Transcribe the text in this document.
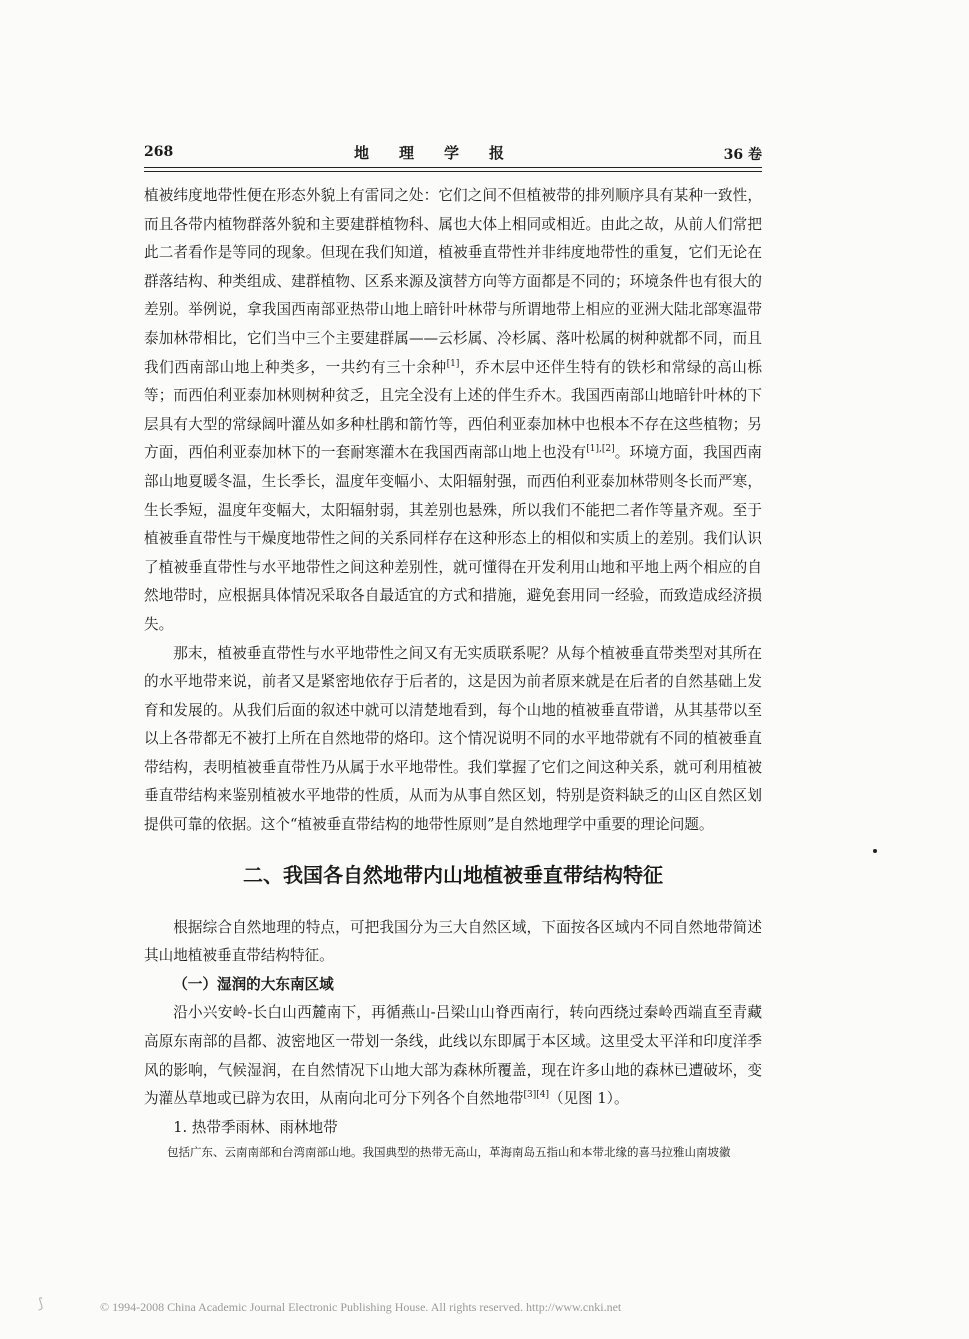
268	地理学报	36 卷

植被纬度地带性便在形态外貌上有雷同之处：它们之间不但植被带的排列顺序具有某种一致性，而且各带内植物群落外貌和主要建群植物科、属也大体上相同或相近。由此之故，从前人们常把此二者看作是等同的现象。但现在我们知道，植被垂直带性并非纬度地带性的重复，它们无论在群落结构、种类组成、建群植物、区系来源及演替方向等方面都是不同的；环境条件也有很大的差别。举例说，拿我国西南部亚热带山地上暗针叶林带与所谓地带上相应的亚洲大陆北部寒温带泰加林带相比，它们当中三个主要建群属——云杉属、冷杉属、落叶松属的树种就都不同，而且我们西南部山地上种类多，一共约有三十余种[1]，乔木层中还伴生特有的铁杉和常绿的高山栎等；而西伯利亚泰加林则树种贫乏，且完全没有上述的伴生乔木。我国西南部山地暗针叶林的下层具有大型的常绿阔叶灌丛如多种杜鹃和箭竹等，西伯利亚泰加林中也根本不存在这些植物；另方面，西伯利亚泰加林下的一套耐寒灌木在我国西南部山地上也没有[1],[2]。环境方面，我国西南部山地夏暖冬温，生长季长，温度年变幅小、太阳辐射强，而西伯利亚泰加林带则冬长而严寒，生长季短，温度年变幅大，太阳辐射弱，其差别也悬殊，所以我们不能把二者作等量齐观。至于植被垂直带性与干燥度地带性之间的关系同样存在这种形态上的相似和实质上的差别。我们认识了植被垂直带性与水平地带性之间这种差别性，就可懂得在开发利用山地和平地上两个相应的自然地带时，应根据具体情况采取各自最适宜的方式和措施，避免套用同一经验，而致造成经济损失。

那末，植被垂直带性与水平地带性之间又有无实质联系呢？从每个植被垂直带类型对其所在的水平地带来说，前者又是紧密地依存于后者的，这是因为前者原来就是在后者的自然基础上发育和发展的。从我们后面的叙述中就可以清楚地看到，每个山地的植被垂直带谱，从其基带以至以上各带都无不被打上所在自然地带的烙印。这个情况说明不同的水平地带就有不同的植被垂直带结构，表明植被垂直带性乃从属于水平地带性。我们掌握了它们之间这种关系，就可利用植被垂直带结构来鉴别植被水平地带的性质，从而为从事自然区划，特别是资料缺乏的山区自然区划提供可靠的依据。这个“植被垂直带结构的地带性原则”是自然地理学中重要的理论问题。

二、我国各自然地带内山地植被垂直带结构特征

根据综合自然地理的特点，可把我国分为三大自然区域，下面按各区域内不同自然地带简述其山地植被垂直带结构特征。

（一）湿润的大东南区域

沿小兴安岭-长白山西麓南下，再循燕山-吕梁山山脊西南行，转向西绕过秦岭西端直至青藏高原东南部的昌都、波密地区一带划一条线，此线以东即属于本区域。这里受太平洋和印度洋季风的影响，气候湿润，在自然情况下山地大部为森林所覆盖，现在许多山地的森林已遭破坏，变为灌丛草地或已辟为农田，从南向北可分下列各个自然地带[3][4]（见图 1）。

1. 热带季雨林、雨林地带

包括广东、云南南部和台湾南部山地。我国典型的热带无高山，革海南岛五指山和本带北缘的喜马拉雅山南坡徽

⟆	© 1994-2008 China Academic Journal Electronic Publishing House. All rights reserved. http://www.cnki.net
